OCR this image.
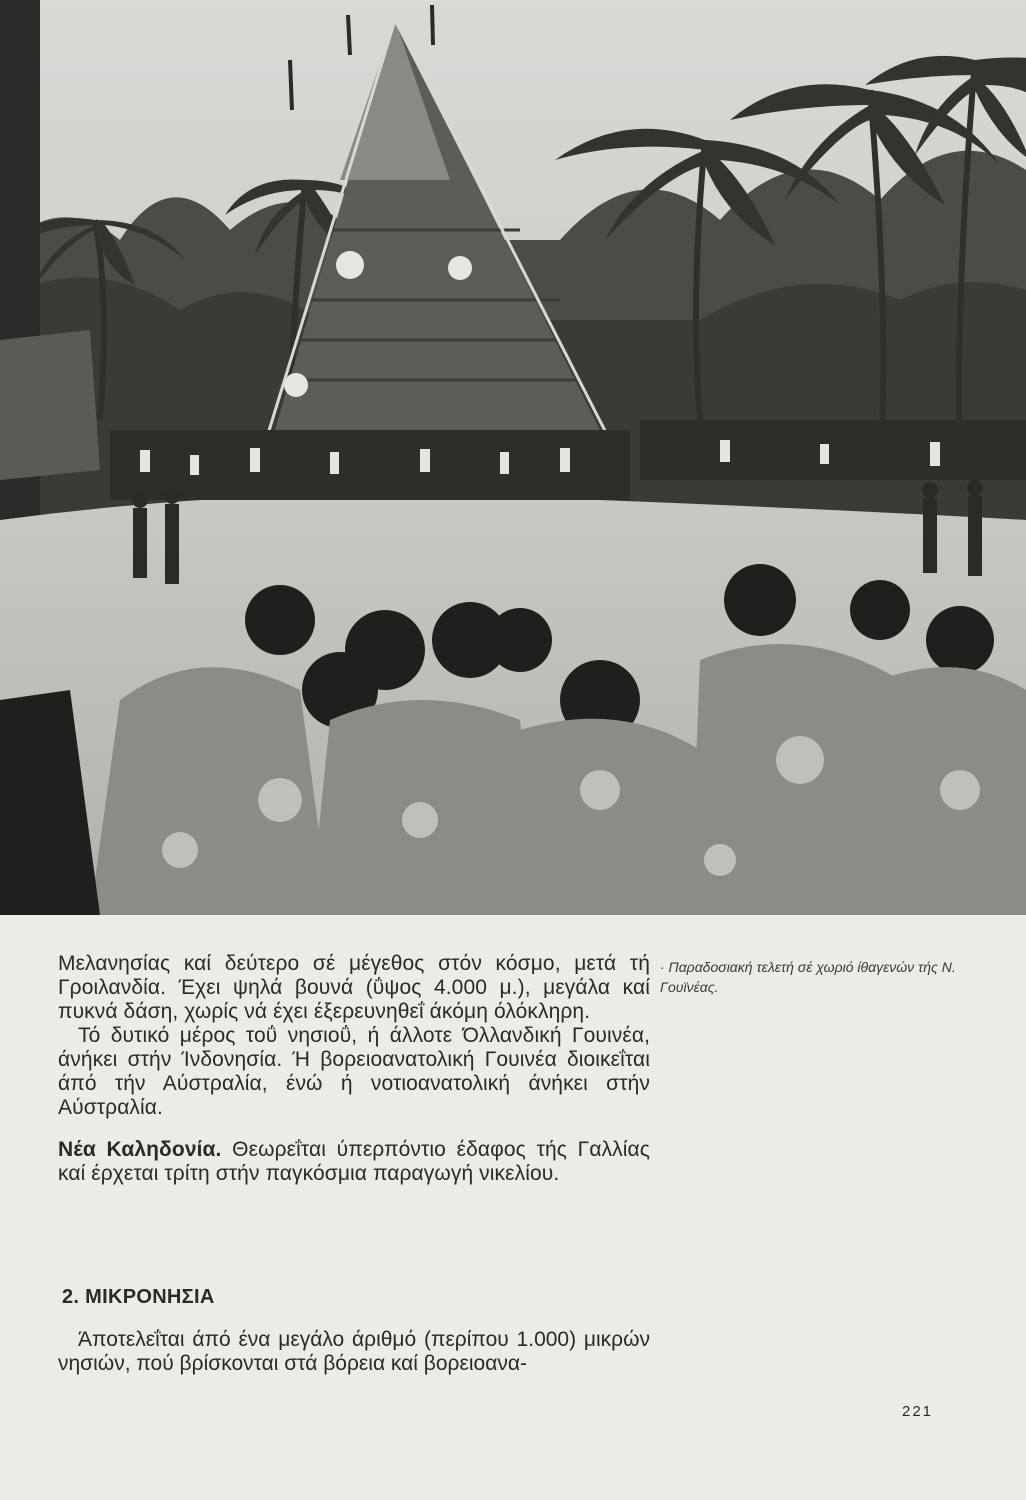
Μελανησίας καί δεύτερο σέ μέγεθος στόν κόσμο, μετά τή Γροιλανδία. Έχει ψηλά βουνά (ΰψος 4.000 μ.), μεγάλα καί πυκνά δάση, χωρίς νά έχει έξερευνηθεΐ άκόμη όλόκληρη.

Τό δυτικό μέρος τοΰ νησιοΰ, ή άλλοτε Όλλανδική Γουινέα, άνήκει στήν Ίνδονησία. Ή βορειοανατολική Γουινέα διοικεΐται άπό τήν Αύστραλία, ένώ ή νοτιοανατολική άνήκει στήν Αύστραλία.

Νέα Καληδονία. Θεωρεΐται ύπερπόντιο έδαφος τής Γαλλίας καί έρχεται τρίτη στήν παγκόσμια παραγωγή νικελίου.

· Παραδοσιακή τελετή σέ χωριό ίθαγενών τής Ν. Γουϊνέας.
2. ΜΙΚΡΟΝΗΣΙΑ

Άποτελεΐται άπό ένα μεγάλο άριθμό (περίπου 1.000) μικρών νησιών, πού βρίσκονται στά βόρεια καί βορειοανα-

221
